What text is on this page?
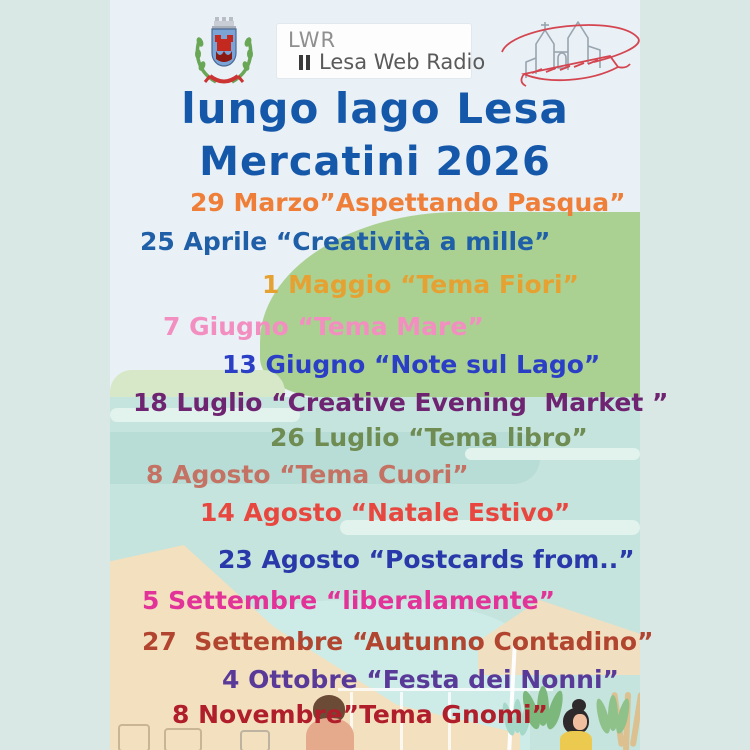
LWR
Lesa Web Radio
lungo lago Lesa
Mercatini 2026
29 Marzo”Aspettando Pasqua”
25 Aprile “Creatività a mille”
1 Maggio “Tema Fiori”
7 Giugno “Tema Mare”
13 Giugno “Note sul Lago”
18 Luglio “Creative Evening  Market ”
26 Luglio “Tema libro”
8 Agosto “Tema Cuori”
14 Agosto “Natale Estivo”
23 Agosto “Postcards from..”
5 Settembre “liberalamente”
27  Settembre “Autunno Contadino”
4 Ottobre “Festa dei Nonni”
8 Novembre”Tema Gnomi”
